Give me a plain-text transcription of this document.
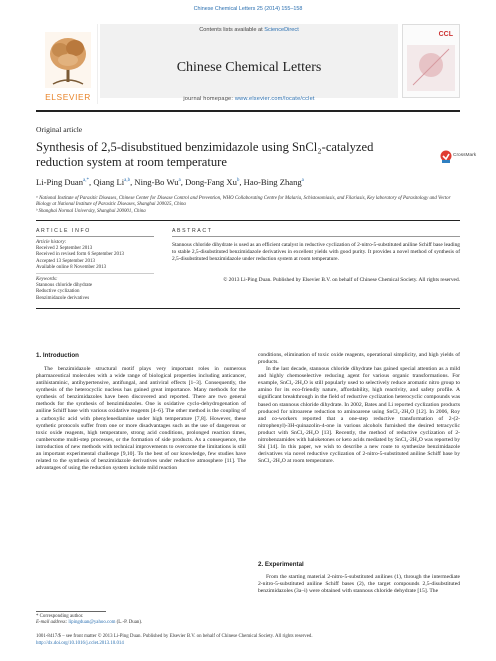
Chinese Chemical Letters 25 (2014) 155–158
ELSEVIER
Contents lists available at ScienceDirect
Chinese Chemical Letters
CCL
journal homepage: www.elsevier.com/locate/cclet
Original article
Synthesis of 2,5-disubstitued benzimidazole using SnCl₂-catalyzed reduction system at room temperature	CrossMark
Li-Ping Duan$^{a,*}$, Qiang Li$^{a,b}$, Ning-Bo Wu$^a$, Dong-Fang Xu$^b$, Hao-Bing Zhang$^a$
ᵃ National Institute of Parasitic Diseases, Chinese Center for Disease Control and Prevention, WHO Collaborating Centre for Malaria, Schistosomiasis, and Filariasis, Key laboratory of Parasitology and Vector Biology at National Institute of Parasitic Diseases, Shanghai 200025, China
ᵇ Shanghai Normal University, Shanghai 200001, China
ARTICLE INFO
Article history:
Received 2 September 2013
Received in revised form 6 September 2013
Accepted 13 September 2013
Available online 8 November 2013
Keywords:
Stannous chloride dihydrate
Reductive cyclization
Benzimidazole derivatives
ABSTRACT
Stannous chloride dihydrate is used as an efficient catalyst in reductive cyclization of 2-nitro-5-substituted aniline Schiff base leading to stable 2,5-disubstituted benzimidazole derivatives in excellent yields with good purity. It provides a novel method of synthesis of 2,5-disubstituted benzimidazole under reduction system at room temperature.
© 2013 Li-Ping Duan. Published by Elsevier B.V. on behalf of Chinese Chemical Society. All rights reserved.
1. Introduction

The benzimidazole structural motif plays very important roles in numerous pharmaceutical molecules with a wide range of biological properties including anticancer, antihistaminic, antihypertensive, antifungal, and antiviral effects [1–3]. Consequently, the synthesis of the heterocyclic nucleus has gained great importance. Many methods for the synthesis of benzimidazoles have been discovered and reported. There are two general methods for the synthesis of benzimidazoles. One is oxidative cyclo-dehydrogenation of aniline Schiff base with various oxidative reagents [4–6]. The other method is the coupling of a carboxylic acid with phenylenediamine under high temperature [7,8]. However, these synthetic protocols suffer from one or more disadvantages such as the use of dangerous or toxic oxide reagents, high temperature, strong acid conditions, prolonged reaction times, cumbersome multi-step processes, or the formation of side products. As a consequence, the introduction of new methods with technical improvements to overcome the limitations is still an important experimental challenge [9,10]. To the best of our knowledge, few studies have related to the synthesis of benzimidazole derivatives under reductive atmosphere [11]. The advantages of using the reduction system include mild reaction

conditions, elimination of toxic oxide reagents, operational simplicity, and high yields of products.

In the last decade, stannous chloride dihydrate has gained special attention as a mild and highly chemoselective reducing agent for various organic transformations. For example, SnCl₂·2H₂O is still popularly used to selectively reduce aromatic nitro group to amino for its eco-friendly nature, affordability, high reactivity, and safety profile. A significant breakthrough in the field of reductive cyclization heterocyclic compounds was based on stannous chloride dihydrate. In 2002, Bates and Li reported cyclization products produced for nitroarene reduction to aminoarene using SnCl₂·2H₂O [12]. In 2006, Roy and co-workers reported that a one-step reductive transformation of 2-(2-nitrophenyl)-3H-quinazolin-4-one in various alcohols furnished the desired tetracyclic product with SnCl₂·2H₂O [13]. Recently, the method of reductive cyclization of 2-nitrobenzamides with haloketones or keto acids mediated by SnCl₂·2H₂O was reported by Shi [14]. In this paper, we wish to describe a new route to synthesize benzimidazole derivatives via novel reductive cyclization of 2-nitro-5-substituted aniline Schiff base by SnCl₂·2H₂O at room temperature.

2. Experimental

From the starting material 2-nitro-5-substituted anilines (1), through the intermediate 2-nitro-5-substituted aniline Schiff bases (2), the target compounds 2,5-disubstituted benzimidazoles (3a–i) were obtained with stannous chloride dehydrate [15]. The

* Corresponding author.
E-mail address: lipingduan@yahoo.com (L.-P. Duan).
1001-8417/$ – see front matter © 2013 Li-Ping Duan. Published by Elsevier B.V. on behalf of Chinese Chemical Society. All rights reserved.
http://dx.doi.org/10.1016/j.cclet.2013.10.014
